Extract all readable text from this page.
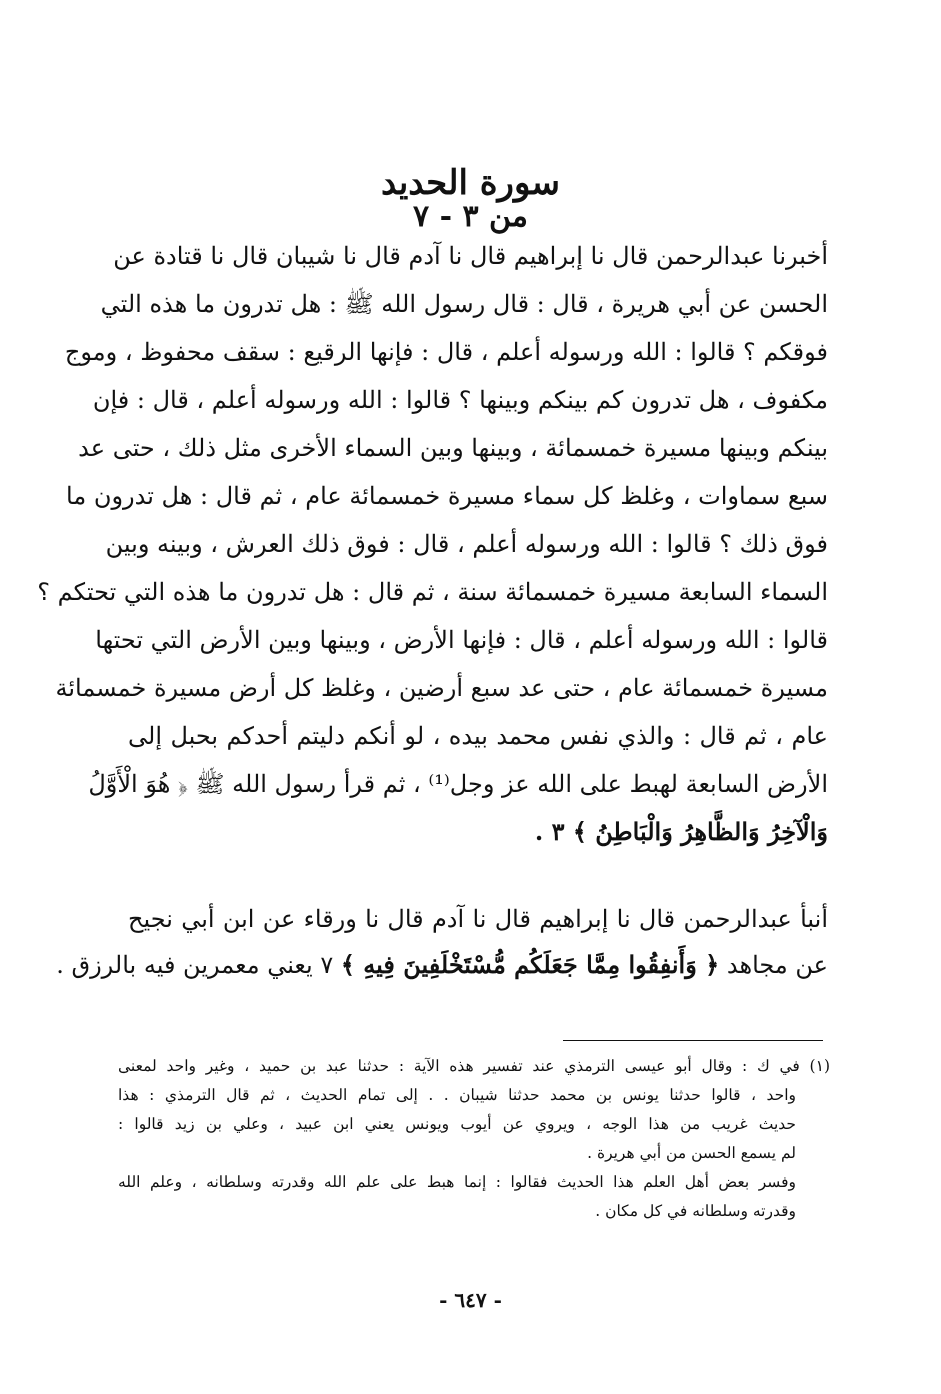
سورة الحديد
من ٣ - ٧
أخبرنا عبدالرحمن قال نا إبراهيم قال نا آدم قال نا شيبان قال نا قتادة عن
الحسن عن أبي هريرة ، قال : قال رسول الله ﷺ : هل تدرون ما هذه التي
فوقكم ؟ قالوا : الله ورسوله أعلم ، قال : فإنها الرقيع : سقف محفوظ ، وموج
مكفوف ، هل تدرون كم بينكم وبينها ؟ قالوا : الله ورسوله أعلم ، قال : فإن
بينكم وبينها مسيرة خمسمائة ، وبينها وبين السماء الأخرى مثل ذلك ، حتى عد
سبع سماوات ، وغلظ كل سماء مسيرة خمسمائة عام ، ثم قال : هل تدرون ما
فوق ذلك ؟ قالوا : الله ورسوله أعلم ، قال : فوق ذلك العرش ، وبينه وبين
السماء السابعة مسيرة خمسمائة سنة ، ثم قال : هل تدرون ما هذه التي تحتكم ؟
قالوا : الله ورسوله أعلم ، قال : فإنها الأرض ، وبينها وبين الأرض التي تحتها
مسيرة خمسمائة عام ، حتى عد سبع أرضين ، وغلظ كل أرض مسيرة خمسمائة
عام ، ثم قال : والذي نفس محمد بيده ، لو أنكم دليتم أحدكم بحبل إلى
الأرض السابعة لهبط على الله عز وجل⁽¹⁾ ، ثم قرأ رسول الله ﷺ ﴿ هُوَ الْأَوَّلُ
وَالْآخِرُ وَالظَّاهِرُ وَالْبَاطِنُ ﴾ ٣ .
أنبأ عبدالرحمن قال نا إبراهيم قال نا آدم قال نا ورقاء عن ابن أبي نجيح
عن مجاهد ﴿ وَأَنفِقُوا مِمَّا جَعَلَكُم مُّسْتَخْلَفِينَ فِيهِ ﴾ ٧ يعني معمرين فيه بالرزق .
(١) في ك : وقال أبو عيسى الترمذي عند تفسير هذه الآية : حدثنا عبد بن حميد ، وغير واحد لمعنى
واحد ، قالوا حدثنا يونس بن محمد حدثنا شيبان . . إلى تمام الحديث ، ثم قال الترمذي : هذا
حديث غريب من هذا الوجه ، ويروي عن أيوب ويونس يعني ابن عبيد ، وعلي بن زيد قالوا :
لم يسمع الحسن من أبي هريرة .
وفسر بعض أهل العلم هذا الحديث فقالوا : إنما هبط على علم الله وقدرته وسلطانه ، وعلم الله
وقدرته وسلطانه في كل مكان .
- ٦٤٧ -
